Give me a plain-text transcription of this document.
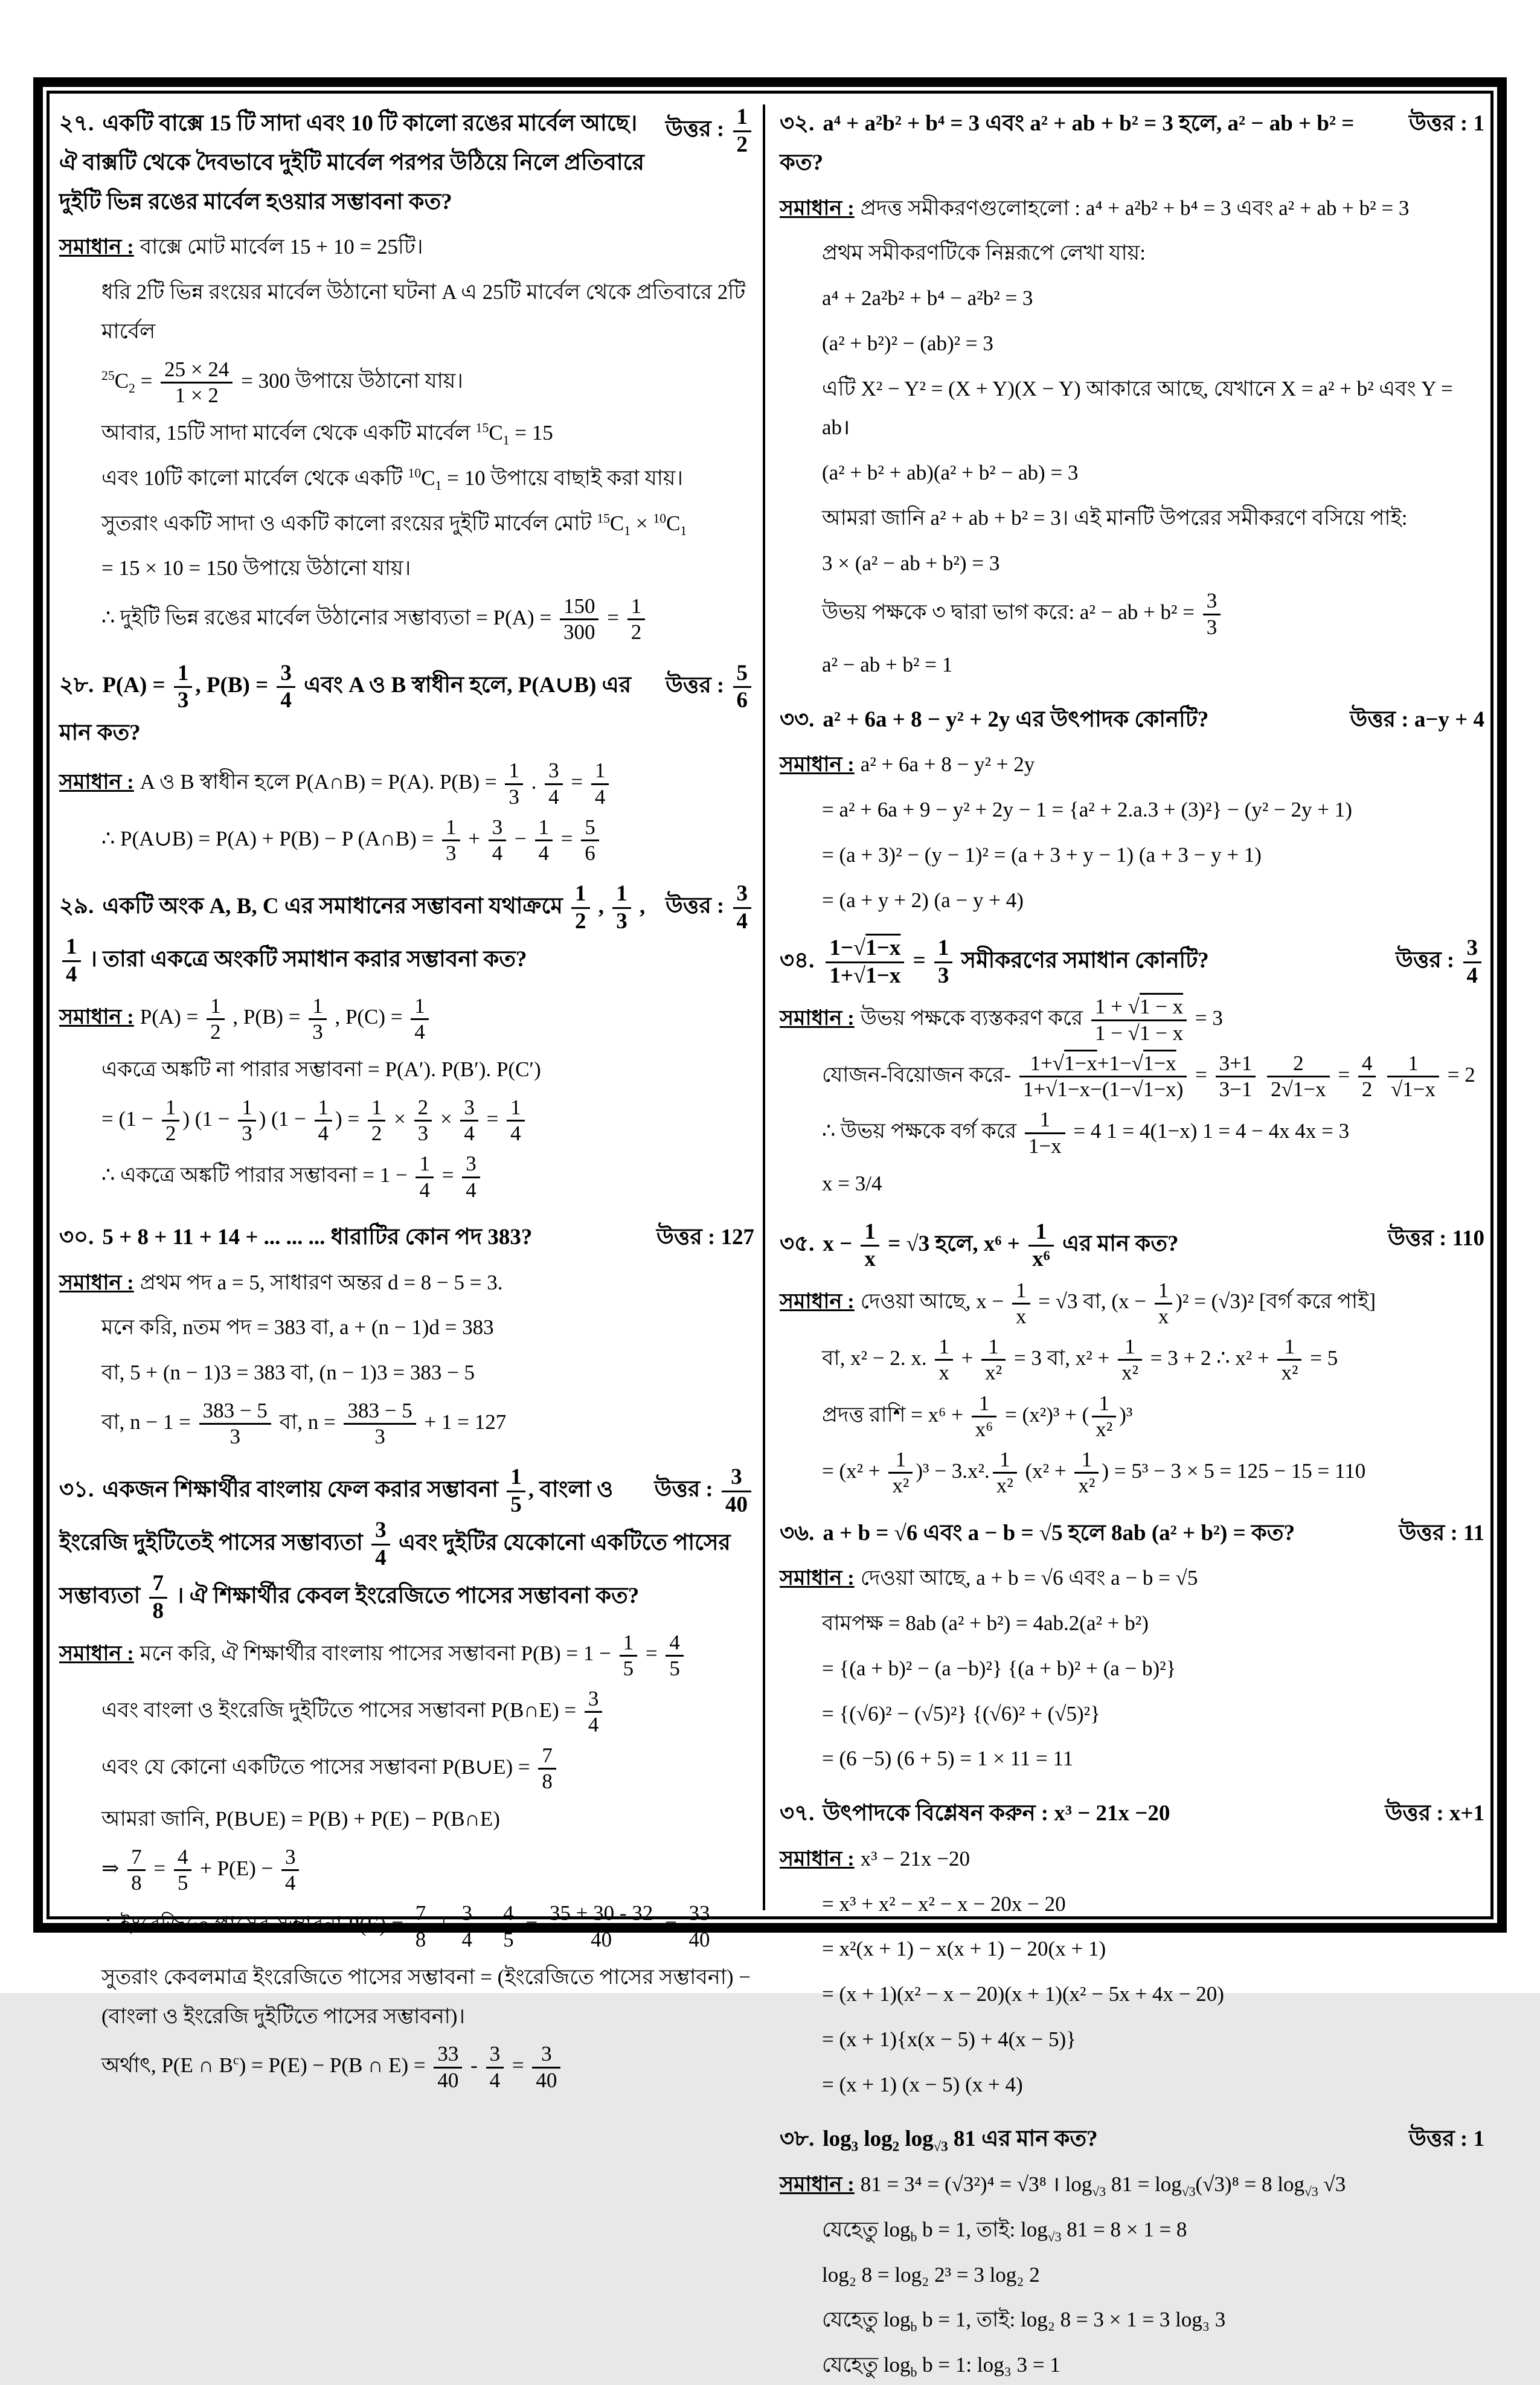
উত্তর : $\frac{1}{2}$
২৭. একটি বাক্সে 15 টি সাদা এবং 10 টি কালো রঙের মার্বেল আছে। ঐ বাক্সটি থেকে দৈবভাবে দুইটি মার্বেল পরপর উঠিয়ে নিলে প্রতিবারে দুইটি ভিন্ন রঙের মার্বেল হওয়ার সম্ভাবনা কত?
সমাধান : বাক্সে মোট মার্বেল 15 + 10 = 25টি।
ধরি 2টি ভিন্ন রংয়ের মার্বেল উঠানো ঘটনা A এ 25টি মার্বেল থেকে প্রতিবারে 2টি মার্বেল
$^{25}C_2 = \frac{25 \times 24}{1 \times 2} = 300$ উপায়ে উঠানো যায়।
আবার, 15টি সাদা মার্বেল থেকে একটি মার্বেল $^{15}C_1 = 15$
এবং 10টি কালো মার্বেল থেকে একটি $^{10}C_1 = 10$ উপায়ে বাছাই করা যায়।
সুতরাং একটি সাদা ও একটি কালো রংয়ের দুইটি মার্বেল মোট $^{15}C_1 \times ^{10}C_1$
= 15 × 10 = 150 উপায়ে উঠানো যায়।
∴ দুইটি ভিন্ন রঙের মার্বেল উঠানোর সম্ভাব্যতা = $P(A) = \frac{150}{300} = \frac{1}{2}$
উত্তর : $\frac{5}{6}$
২৮. $P(A) = \frac{1}{3}$ , $P(B) = \frac{3}{4}$ এবং A ও B স্বাধীন হলে, P(A∪B) এর মান কত?
সমাধান : A ও B স্বাধীন হলে P(A∩B) = P(A). $P(B) = \frac{1}{3}$ . $\frac{3}{4} = \frac{1}{4}$
∴ P(A∪B) = P(A) + P(B) − P (A∩B) = $\frac{1}{3} + \frac{3}{4} - \frac{1}{4} = \frac{5}{6}$
উত্তর : $\frac{3}{4}$
২৯. একটি অংক A, B, C এর সমাধানের সম্ভাবনা যথাক্রমে $\frac{1}{2}$ , $\frac{1}{3}$ ,
$\frac{1}{4}$ । তারা একত্রে অংকটি সমাধান করার সম্ভাবনা কত?
সমাধান : $P(A) = \frac{1}{2}$ , $P(B) = \frac{1}{3}$ , $P(C) = \frac{1}{4}$
একত্রে অঙ্কটি না পারার সম্ভাবনা = P(A′). P(B′). P(C′)
= ($1 - \frac{1}{2}$ ) ($1 - \frac{1}{3}$ ) ($1 - \frac{1}{4}$ ) = $\frac{1}{2} \times \frac{2}{3} \times \frac{3}{4} = \frac{1}{4}$
∴ একত্রে অঙ্কটি পারার সম্ভাবনা = $1 - \frac{1}{4} = \frac{3}{4}$
উত্তর : 127
৩০. 5 + 8 + 11 + 14 + ... ... ... ধারাটির কোন পদ 383?
সমাধান : প্রথম পদ a = 5, সাধারণ অন্তর d = 8 − 5 = 3.
মনে করি, nতম পদ = 383 বা, a + (n − 1)d = 383
বা, 5 + (n − 1)3 = 383 বা, (n − 1)3 = 383 − 5
বা, $n - 1 = \frac{383 - 5}{3}$ বা, $n = \frac{383 - 5}{3} + 1 = 127$
উত্তর : $\frac{3}{40}$
৩১. একজন শিক্ষার্থীর বাংলায় ফেল করার সম্ভাবনা $\frac{1}{5}$ , বাংলা ও ইংরেজি দুইটিতেই পাসের সম্ভাব্যতা $\frac{3}{4}$ এবং দুইটির যেকোনো একটিতে পাসের সম্ভাব্যতা $\frac{7}{8}$ । ঐ শিক্ষার্থীর কেবল ইংরেজিতে পাসের সম্ভাবনা কত?
সমাধান : মনে করি, ঐ শিক্ষার্থীর বাংলায় পাসের সম্ভাবনা $P(B) = 1 - \frac{1}{5} = \frac{4}{5}$
এবং বাংলা ও ইংরেজি দুইটিতে পাসের সম্ভাবনা P(B∩E) = $\frac{3}{4}$
এবং যে কোনো একটিতে পাসের সম্ভাবনা P(B∪E) = $\frac{7}{8}$
আমরা জানি, P(B∪E) = P(B) + P(E) − P(B∩E)
⇒ $\frac{7}{8} = \frac{4}{5} + P(E) - \frac{3}{4}$
∴ ইংরেজিতে পাসের সম্ভাবনা $P(E) = \frac{7}{8} + \frac{3}{4} - \frac{4}{5} = \frac{35 + 30 - 32}{40} = \frac{33}{40}$
সুতরাং কেবলমাত্র ইংরেজিতে পাসের সম্ভাবনা = (ইংরেজিতে পাসের সম্ভাবনা) − (বাংলা ও ইংরেজি দুইটিতে পাসের সম্ভাবনা)।
অর্থাৎ, P(E ∩ $B^c) = P(E) - P(B$ ∩ $E) = \frac{33}{40} - \frac{3}{4} = \frac{3}{40}$
উত্তর : 1
৩২. a⁴ + a²b² + b⁴ = 3 এবং a² + ab + b² = 3 হলে, a² − ab + b² = কত?
সমাধান : প্রদত্ত সমীকরণগুলোহলো : a⁴ + a²b² + b⁴ = 3 এবং a² + ab + b² = 3
প্রথম সমীকরণটিকে নিম্নরূপে লেখা যায়:
a⁴ + 2a²b² + b⁴ − a²b² = 3
(a² + b²)² − (ab)² = 3
এটি X² − Y² = (X + Y)(X − Y) আকারে আছে, যেখানে X = a² + b² এবং Y = ab।
(a² + b² + ab)(a² + b² − ab) = 3
আমরা জানি a² + ab + b² = 3। এই মানটি উপরের সমীকরণে বসিয়ে পাই:
3 × (a² − ab + b²) = 3
উভয় পক্ষকে ৩ দ্বারা ভাগ করে: a² − ab + $b^2 = \frac{3}{3}$
a² − ab + b² = 1
উত্তর : a−y + 4
৩৩. a² + 6a + 8 − y² + 2y এর উৎপাদক কোনটি?
সমাধান : a² + 6a + 8 − y² + 2y
= a² + 6a + 9 − y² + 2y − 1 = {a² + 2.a.3 + (3)²} − (y² − 2y + 1)
= (a + 3)² − (y − 1)² = (a + 3 + y − 1) (a + 3 − y + 1)
= (a + y + 2) (a − y + 4)
উত্তর : $\frac{3}{4}$
৩৪. $\frac{1-√1-x}{1+√1-x} = \frac{1}{3}$ সমীকরণের সমাধান কোনটি?
সমাধান : উভয় পক্ষকে ব্যস্তকরণ করে $\frac{1 + √1 - x}{1 - √1 - x} = 3$
যোজন-বিয়োজন করে- $\frac{1+√1-x+1-√1-x}{1+√1-x-(1-√1-x)} = \frac{3+1}{3-1}$
$\frac{2}{2√1-x} = \frac{4}{2}$
$\frac{1}{√1-x} = 2$
∴ উভয় পক্ষকে বর্গ করে $\frac{1}{1-x} = 4$ 1 = 4(1−x) 1 = 4 − 4x 4x = 3
x = 3/4
উত্তর : 110
৩৫. $x - \frac{1}{x} = √3$ হলে, $x^6 + \frac{1}{\text{x⁶}}$ এর মান কত?
সমাধান : দেওয়া আছে, $x - \frac{1}{x} = √3$ বা, $(x - \frac{1}{x} )^2 = (√3)^2$ [বর্গ করে পাই]
বা, x² − 2. x. $\frac{1}{x} + \frac{1}{\text{x²}} = 3$ বা, $x^2 + \frac{1}{\text{x²}} = 3 + 2$ ∴ $x^2 + \frac{1}{\text{x²}} = 5$
প্রদত্ত রাশি = $x^6 + \frac{1}{\text{x⁶}} = (x^2)^3$ + ( $\frac{1}{\text{x²}} )^3$
= $(x^2 + \frac{1}{\text{x²}} )^3 - 3.x^2$. $\frac{1}{\text{x²}} (x^2 + \frac{1}{\text{x²}}$ ) = 5³ − 3 × 5 = 125 − 15 = 110
উত্তর : 11
৩৬. a + b = √6 এবং a − b = √5 হলে 8ab (a² + b²) = কত?
সমাধান : দেওয়া আছে, a + b = √6 এবং a − b = √5
বামপক্ষ = 8ab (a² + b²) = 4ab.2(a² + b²)
= {(a + b)² − (a −b)²} {(a + b)² + (a − b)²}
= {(√6)² − (√5)²} {(√6)² + (√5)²}
= (6 −5) (6 + 5) = 1 × 11 = 11
উত্তর : x+1
৩৭. উৎপাদকে বিশ্লেষন করুন : x³ − 21x −20
সমাধান : x³ − 21x −20
= x³ + x² − x² − x − 20x − 20
= x²(x + 1) − x(x + 1) − 20(x + 1)
= (x + 1)(x² − x − 20)(x + 1)(x² − 5x + 4x − 20)
= (x + 1){x(x − 5) + 4(x − 5)}
= (x + 1) (x − 5) (x + 4)
উত্তর : 1
৩৮. $\log_3 \log_2 \log_{√3} 81$ এর মান কত?
সমাধান : 81 = 3⁴ = (√3²)⁴ = √3⁸ । $\log_{√3} 81 = \log_{√3}(√3)^8 = 8$ $\log_{√3} √3$
যেহেতু $\log_b b = 1$, তাই: $\log_{√3} 81 = 8 \times 1 = 8$
log₂ 8 = log₂ 2³ = 3 log₂ 2
যেহেতু $\log_b b = 1$, তাই: log₂ 8 = 3 × 1 = 3 log₃ 3
যেহেতু $\log_b b = 1$: log₃ 3 = 1
